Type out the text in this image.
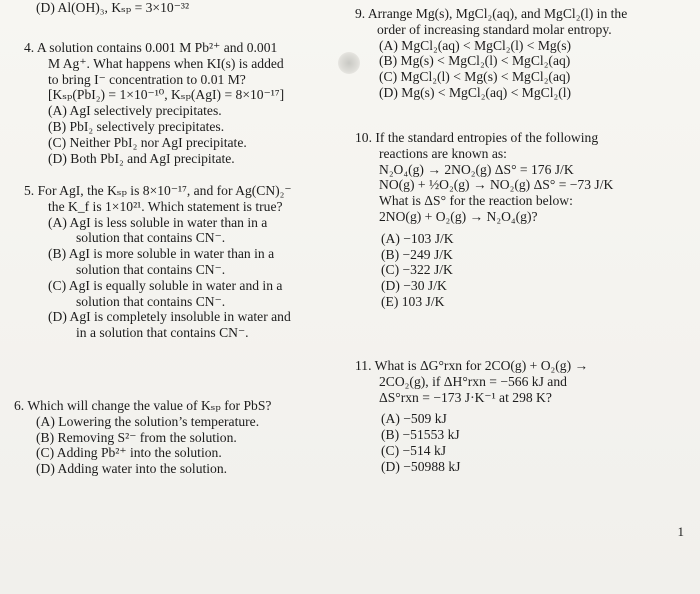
(D) Al(OH)₃, Kₛₚ = 3×10⁻³²
4. A solution contains 0.001 M Pb²⁺ and 0.001
M Ag⁺. What happens when KI(s) is added
to bring I⁻ concentration to 0.01 M?
[Kₛₚ(PbI₂) = 1×10⁻¹⁰, Kₛₚ(AgI) = 8×10⁻¹⁷]
(A) AgI selectively precipitates.
(B) PbI₂ selectively precipitates.
(C) Neither PbI₂ nor AgI precipitate.
(D) Both PbI₂ and AgI precipitate.
5. For AgI, the Kₛₚ is 8×10⁻¹⁷, and for Ag(CN)₂⁻
the K_f is 1×10²¹. Which statement is true?
(A) AgI is less soluble in water than in a
solution that contains CN⁻.
(B) AgI is more soluble in water than in a
solution that contains CN⁻.
(C) AgI is equally soluble in water and in a
solution that contains CN⁻.
(D) AgI is completely insoluble in water and
in a solution that contains CN⁻.
6. Which will change the value of Kₛₚ for PbS?
(A) Lowering the solution’s temperature.
(B) Removing S²⁻ from the solution.
(C) Adding Pb²⁺ into the solution.
(D) Adding water into the solution.
9. Arrange Mg(s), MgCl₂(aq), and MgCl₂(l) in the
order of increasing standard molar entropy.
(A) MgCl₂(aq) < MgCl₂(l) < Mg(s)
(B) Mg(s) < MgCl₂(l) < MgCl₂(aq)
(C) MgCl₂(l) < Mg(s) < MgCl₂(aq)
(D) Mg(s) < MgCl₂(aq) < MgCl₂(l)
10. If the standard entropies of the following
reactions are known as:
N₂O₄(g) → 2NO₂(g) ΔS° = 176 J/K
NO(g) + ½O₂(g) → NO₂(g) ΔS° = −73 J/K
What is ΔS° for the reaction below:
2NO(g) + O₂(g) → N₂O₄(g)?
(A) −103 J/K
(B) −249 J/K
(C) −322 J/K
(D) −30 J/K
(E) 103 J/K
11. What is ΔG°rxn for 2CO(g) + O₂(g) →
2CO₂(g), if ΔH°rxn = −566 kJ and
ΔS°rxn = −173 J·K⁻¹ at 298 K?
(A) −509 kJ
(B) −51553 kJ
(C) −514 kJ
(D) −50988 kJ
1
